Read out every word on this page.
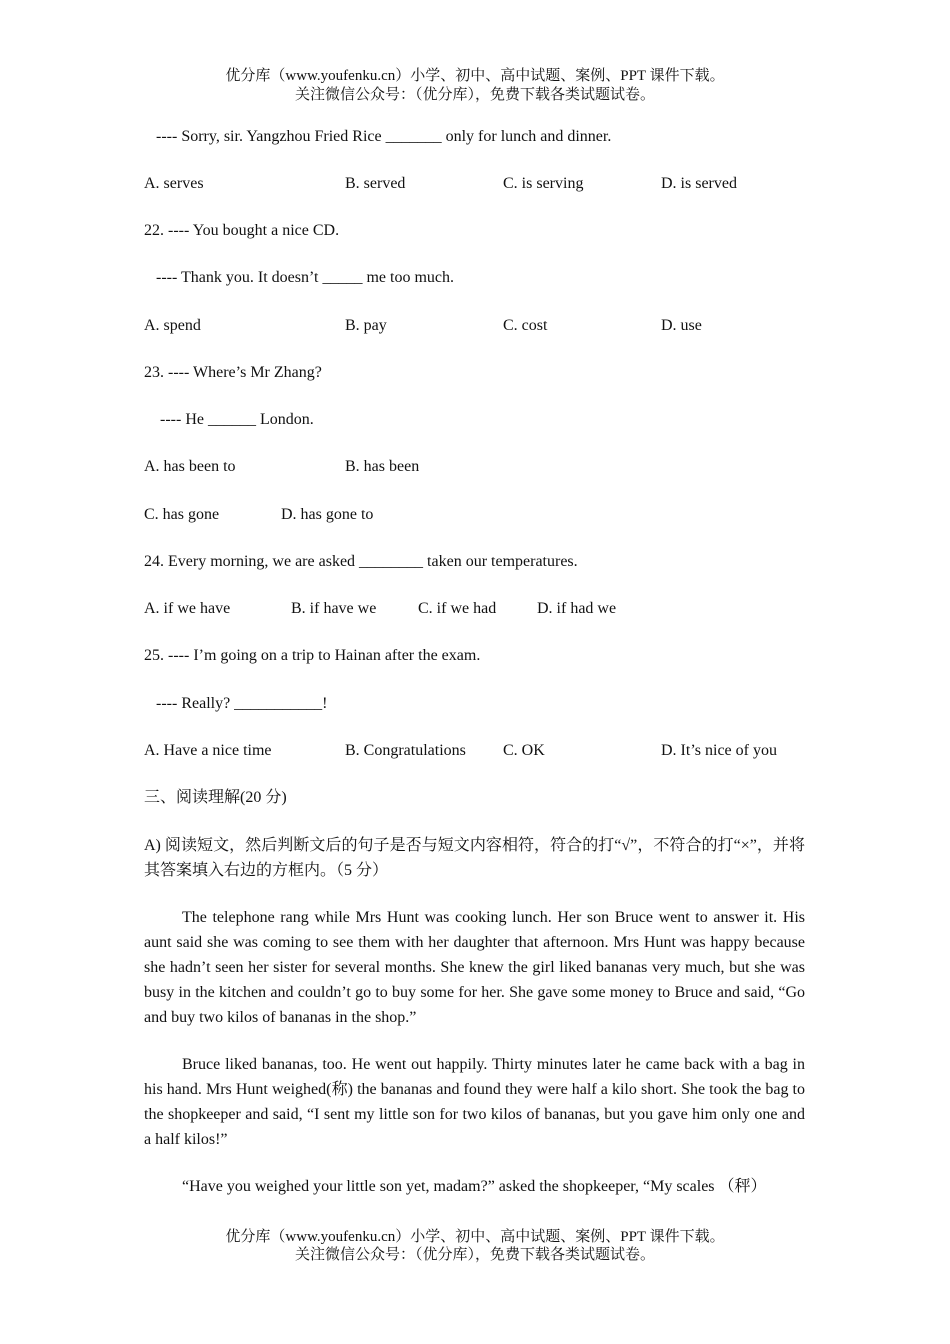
优分库（www.youfenku.cn）小学、初中、高中试题、案例、PPT 课件下载。
关注微信公众号：（优分库），免费下载各类试题试卷。
---- Sorry, sir. Yangzhou Fried Rice _______ only for lunch and dinner.
A. serves	B. served	C. is serving	D. is served
22. ---- You bought a nice CD.
---- Thank you. It doesn’t _____ me too much.
A. spend	B. pay	C. cost	D. use
23. ---- Where’s Mr Zhang?
---- He ______ London.
A. has been to	B. has been
C. has gone	D. has gone to
24. Every morning, we are asked ________ taken our temperatures.
A. if we have	B. if have we	C. if we had	D. if had we
25. ---- I’m going on a trip to Hainan after the exam.
---- Really? ___________!
A. Have a nice time	B. Congratulations C. OK	D. It’s nice of you
三、阅读理解(20 分)
A) 阅读短文，然后判断文后的句子是否与短文内容相符，符合的打“√”，不符合的打“×”，并将其答案填入右边的方框内。（5 分）
The telephone rang while Mrs Hunt was cooking lunch. Her son Bruce went to answer it. His aunt said she was coming to see them with her daughter that afternoon. Mrs Hunt was happy because she hadn’t seen her sister for several months. She knew the girl liked bananas very much, but she was busy in the kitchen and couldn’t go to buy some for her. She gave some money to Bruce and said, “Go and buy two kilos of bananas in the shop.”
Bruce liked bananas, too. He went out happily. Thirty minutes later he came back with a bag in his hand. Mrs Hunt weighed(称) the bananas and found they were half a kilo short. She took the bag to the shopkeeper and said, “I sent my little son for two kilos of bananas, but you gave him only one and a half kilos!”
“Have you weighed your little son yet, madam?” asked the shopkeeper, “My scales （秤）
优分库（www.youfenku.cn）小学、初中、高中试题、案例、PPT 课件下载。
关注微信公众号：（优分库），免费下载各类试题试卷。
